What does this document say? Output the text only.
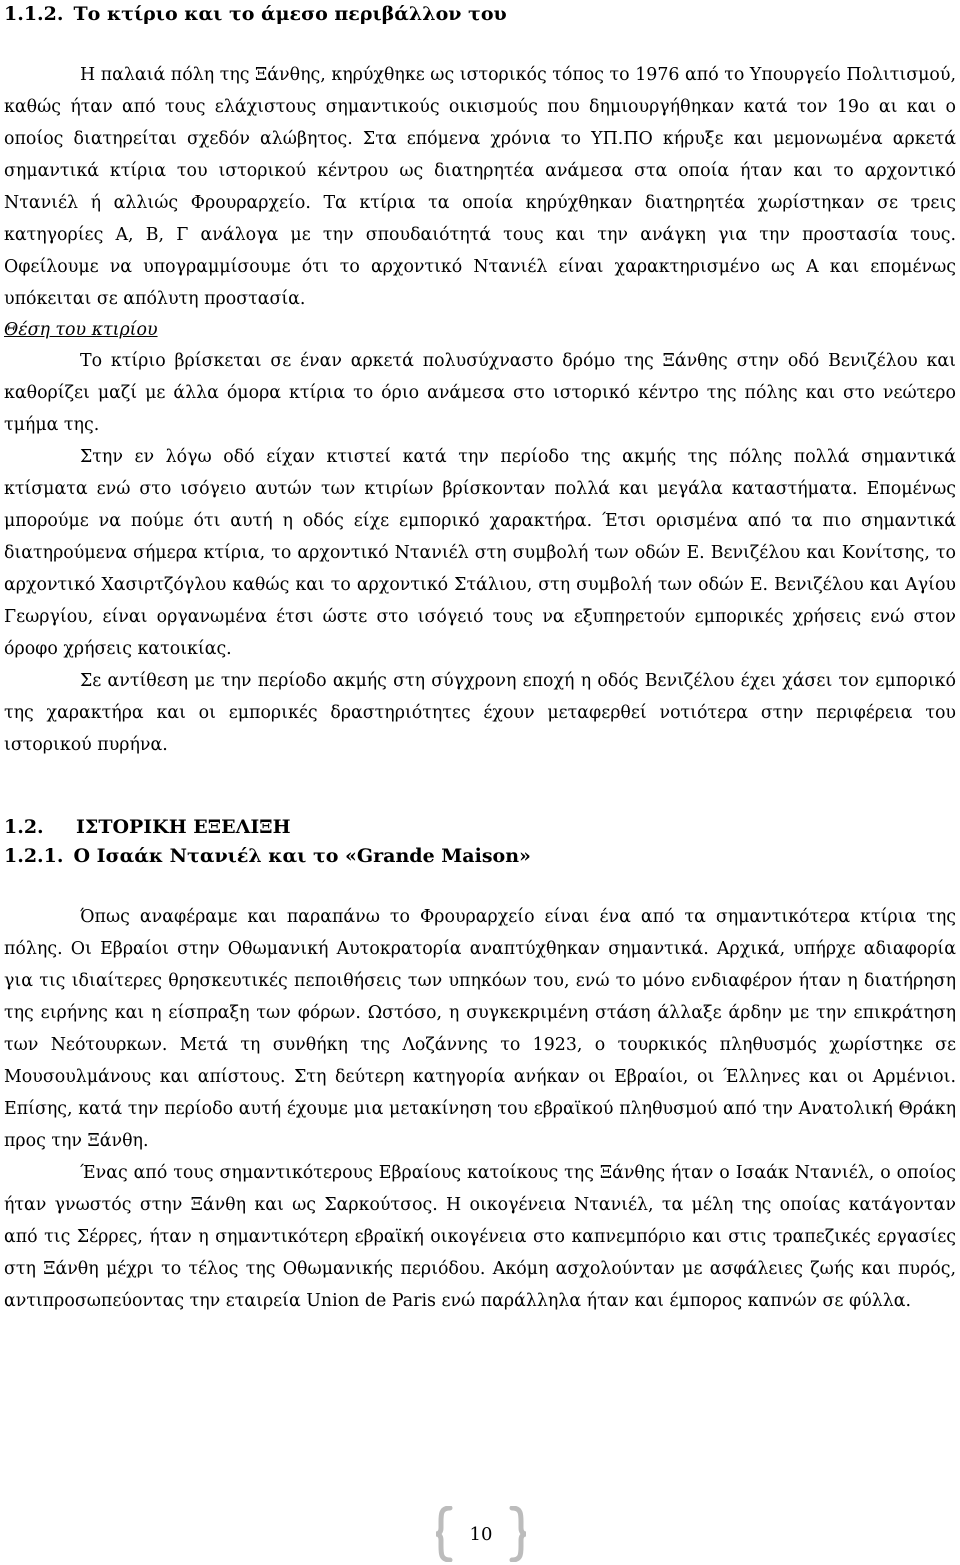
1.1.2. Το κτίριο και το άμεσο περιβάλλον του

Η παλαιά πόλη της Ξάνθης, κηρύχθηκε ως ιστορικός τόπος το 1976 από το Υπουργείο Πολιτισμού, καθώς ήταν από τους ελάχιστους σημαντικούς οικισμούς που δημιουργήθηκαν κατά τον 19ο αι και ο οποίος διατηρείται σχεδόν αλώβητος. Στα επόμενα χρόνια το ΥΠ.ΠΟ κήρυξε και μεμονωμένα αρκετά σημαντικά κτίρια του ιστορικού κέντρου ως διατηρητέα ανάμεσα στα οποία ήταν και το αρχοντικό Ντανιέλ ή αλλιώς Φρουραρχείο. Τα κτίρια τα οποία κηρύχθηκαν διατηρητέα χωρίστηκαν σε τρεις κατηγορίες Α, Β, Γ ανάλογα με την σπουδαιότητά τους και την ανάγκη για την προστασία τους. Οφείλουμε να υπογραμμίσουμε ότι το αρχοντικό Ντανιέλ είναι χαρακτηρισμένο ως Α και επομένως υπόκειται σε απόλυτη προστασία.

Θέση του κτιρίου

Το κτίριο βρίσκεται σε έναν αρκετά πολυσύχναστο δρόμο της Ξάνθης στην οδό Βενιζέλου και καθορίζει μαζί με άλλα όμορα κτίρια το όριο ανάμεσα στο ιστορικό κέντρο της πόλης και στο νεώτερο τμήμα της.

Στην εν λόγω οδό είχαν κτιστεί κατά την περίοδο της ακμής της πόλης πολλά σημαντικά κτίσματα ενώ στο ισόγειο αυτών των κτιρίων βρίσκονταν πολλά και μεγάλα καταστήματα. Επομένως μπορούμε να πούμε ότι αυτή η οδός είχε εμπορικό χαρακτήρα. Έτσι ορισμένα από τα πιο σημαντικά διατηρούμενα σήμερα κτίρια, το αρχοντικό Ντανιέλ στη συμβολή των οδών Ε. Βενιζέλου και Κονίτσης, το αρχοντικό Χασιρτζόγλου καθώς και το αρχοντικό Στάλιου, στη συμβολή των οδών Ε. Βενιζέλου και Αγίου Γεωργίου, είναι οργανωμένα έτσι ώστε στο ισόγειό τους να εξυπηρετούν εμπορικές χρήσεις ενώ στον όροφο χρήσεις κατοικίας.

Σε αντίθεση με την περίοδο ακμής στη σύγχρονη εποχή η οδός Βενιζέλου έχει χάσει τον εμπορικό της χαρακτήρα και οι εμπορικές δραστηριότητες έχουν μεταφερθεί νοτιότερα στην περιφέρεια του ιστορικού πυρήνα.

1.2. ΙΣΤΟΡΙΚΗ ΕΞΕΛΙΞΗ
1.2.1. Ο Ισαάκ Ντανιέλ και το «Grande Maison»

Όπως αναφέραμε και παραπάνω το Φρουραρχείο είναι ένα από τα σημαντικότερα κτίρια της πόλης. Οι Εβραίοι στην Οθωμανική Αυτοκρατορία αναπτύχθηκαν σημαντικά. Αρχικά, υπήρχε αδιαφορία για τις ιδιαίτερες θρησκευτικές πεποιθήσεις των υπηκόων του, ενώ το μόνο ενδιαφέρον ήταν η διατήρηση της ειρήνης και η είσπραξη των φόρων. Ωστόσο, η συγκεκριμένη στάση άλλαξε άρδην με την επικράτηση των Νεότουρκων. Μετά τη συνθήκη της Λοζάννης το 1923, ο τουρκικός πληθυσμός χωρίστηκε σε Μουσουλμάνους και απίστους. Στη δεύτερη κατηγορία ανήκαν οι Εβραίοι, οι Έλληνες και οι Αρμένιοι. Επίσης, κατά την περίοδο αυτή έχουμε μια μετακίνηση του εβραϊκού πληθυσμού από την Ανατολική Θράκη προς την Ξάνθη.

Ένας από τους σημαντικότερους Εβραίους κατοίκους της Ξάνθης ήταν ο Ισαάκ Ντανιέλ, ο οποίος ήταν γνωστός στην Ξάνθη και ως Σαρκούτσος. Η οικογένεια Ντανιέλ, τα μέλη της οποίας κατάγονταν από τις Σέρρες, ήταν η σημαντικότερη εβραϊκή οικογένεια στο καπνεμπόριο και στις τραπεζικές εργασίες στη Ξάνθη μέχρι το τέλος της Οθωμανικής περιόδου. Ακόμη ασχολούνταν με ασφάλειες ζωής και πυρός, αντιπροσωπεύοντας την εταιρεία Union de Paris ενώ παράλληλα ήταν και έμπορος καπνών σε φύλλα.

10
